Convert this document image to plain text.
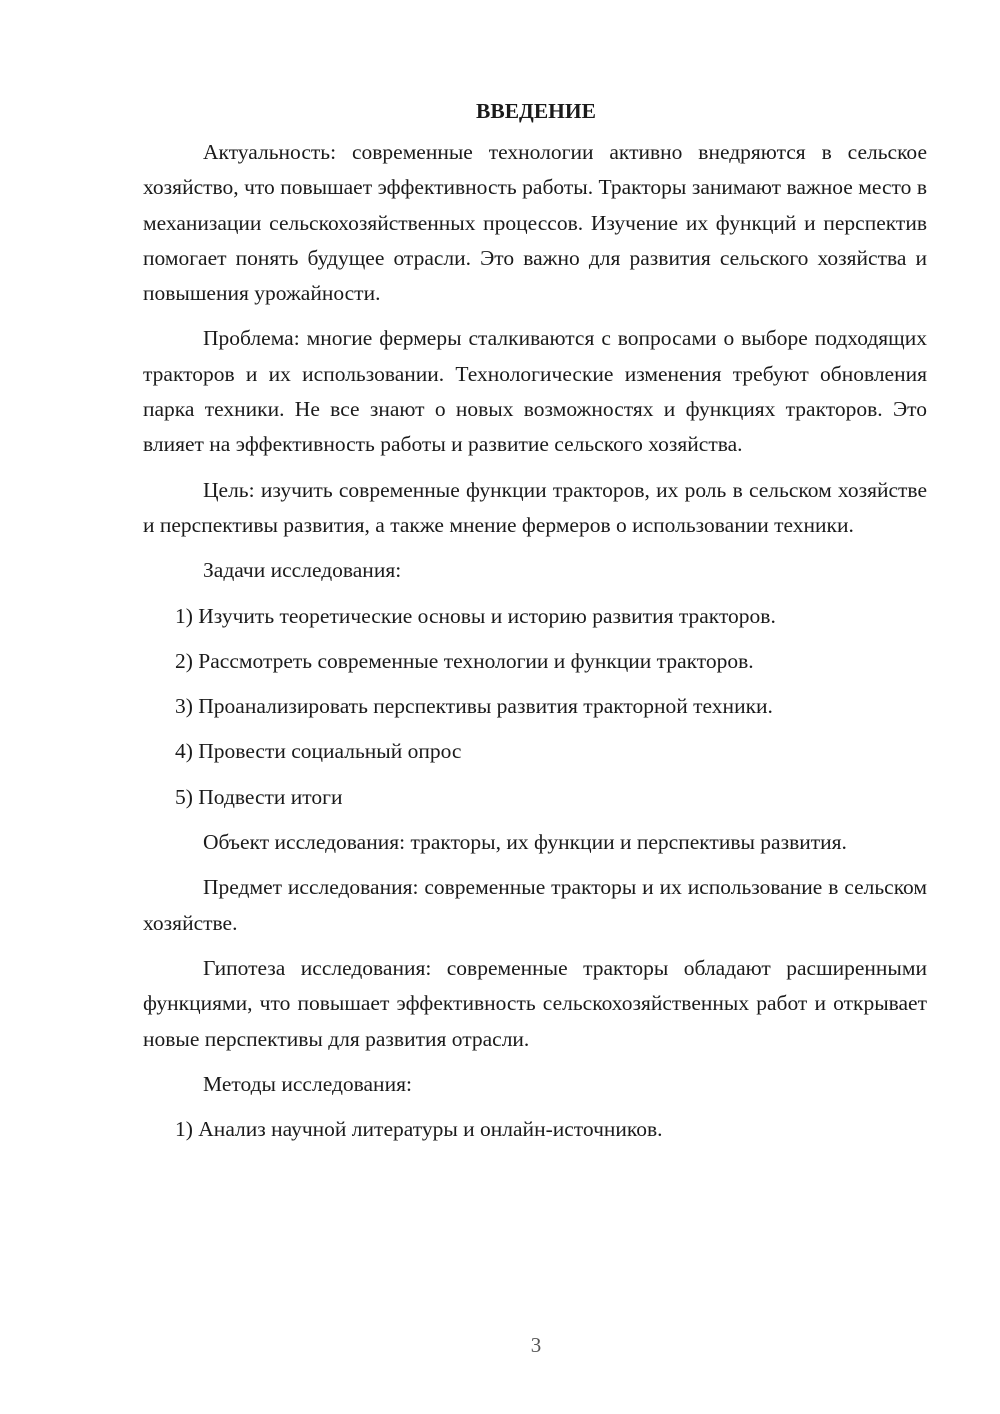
ВВЕДЕНИЕ

Актуальность: современные технологии активно внедряются в сельское хозяйство, что повышает эффективность работы. Тракторы занимают важное место в механизации сельскохозяйственных процессов. Изучение их функций и перспектив помогает понять будущее отрасли. Это важно для развития сельского хозяйства и повышения урожайности.

Проблема: многие фермеры сталкиваются с вопросами о выборе подходящих тракторов и их использовании. Технологические изменения требуют обновления парка техники. Не все знают о новых возможностях и функциях тракторов. Это влияет на эффективность работы и развитие сельского хозяйства.

Цель: изучить современные функции тракторов, их роль в сельском хозяйстве и перспективы развития, а также мнение фермеров о использовании техники.

Задачи исследования:

1) Изучить теоретические основы и историю развития тракторов.

2) Рассмотреть современные технологии и функции тракторов.

3) Проанализировать перспективы развития тракторной техники.

4) Провести социальный опрос

5) Подвести итоги

Объект исследования: тракторы, их функции и перспективы развития.

Предмет исследования: современные тракторы и их использование в сельском хозяйстве.

Гипотеза исследования: современные тракторы обладают расширенными функциями, что повышает эффективность сельскохозяйственных работ и открывает новые перспективы для развития отрасли.

Методы исследования:

1) Анализ научной литературы и онлайн-источников.

3
